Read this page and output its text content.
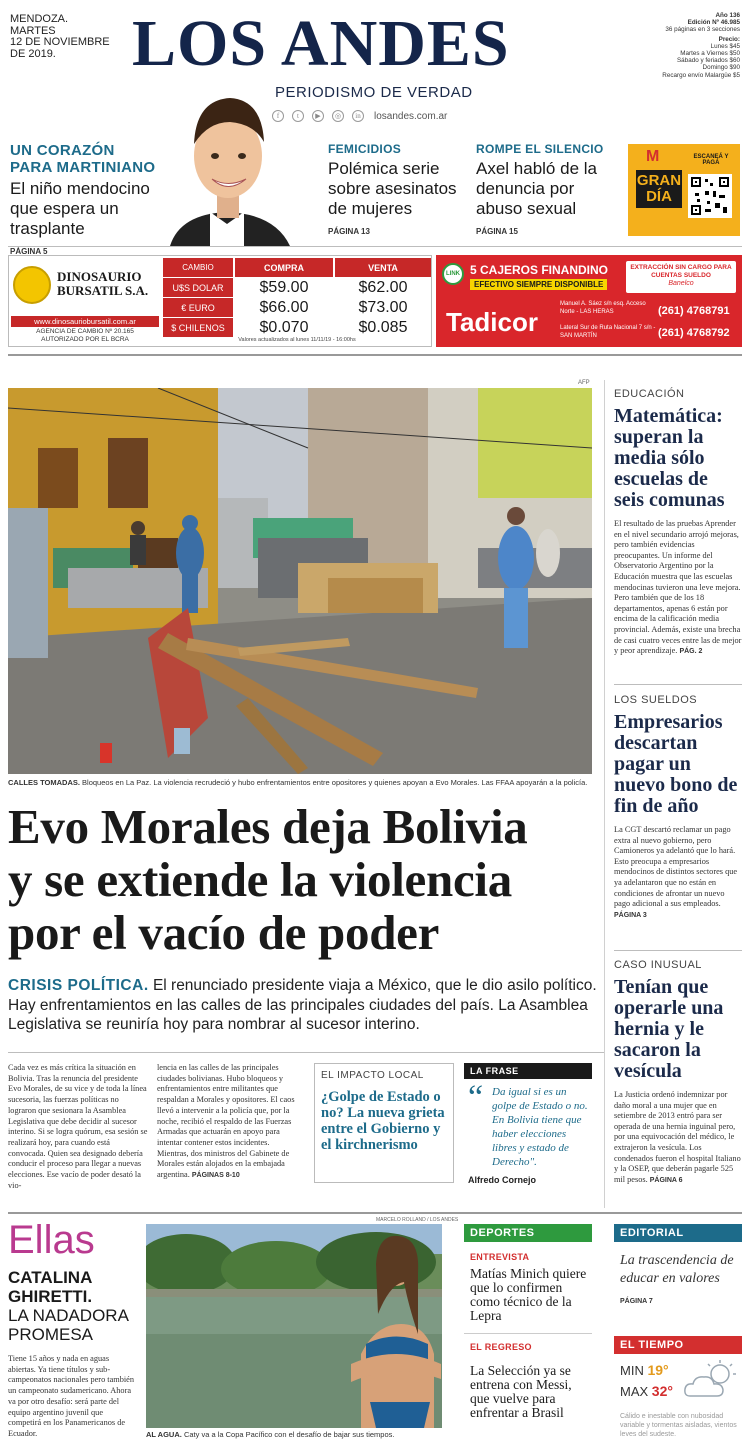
MENDOZA.
MARTES
12 DE NOVIEMBRE
DE 2019.	LOS ANDES
PERIODISMO DE VERDAD
f	t	▶	◎	in	losandes.com.ar
Año 136
Edición Nº 46.985
36 páginas en 3 secciones
Precio:
Lunes $45
Martes a Viernes $50
Sábado y feriados $60
Domingo $90
Recargo envío Malargüe $5
UN CORAZÓN
PARA MARTINIANO
El niño mendocino que espera un trasplante
PÁGINA 5
FEMICIDIOS
Polémica serie sobre asesinatos de mujeres
PÁGINA 13
ROMPE EL SILENCIO
Axel habló de la denuncia por abuso sexual
PÁGINA 15
M
GRAN
DÍA
ESCANEÁ Y PAGÁ
DINOSAURIO
BURSATIL S.A.
www.dinosauriobursatil.com.ar
AGENCIA DE CAMBIO Nº 20.165
AUTORIZADO POR EL BCRA
CAMBIO	COMPRA	VENTA
U$S DOLAR	$59.00	$62.00
€ EURO	$66.00	$73.00
$ CHILENOS	$0.070	$0.085
Valores actualizados al lunes 11/11/19 - 16:00hs
LINK 5 CAJEROS FINANDINO
EFECTIVO SIEMPRE DISPONIBLE
EXTRACCIÓN SIN CARGO PARA CUENTAS SUELDO
Banelco
Tadicor
Manuel A. Sáez s/n esq. Acceso Norte - LAS HERAS
Lateral Sur de Ruta Nacional 7 s/n - SAN MARTÍN
(261) 4768791
(261) 4768792
AFP
CALLES TOMADAS. Bloqueos en La Paz. La violencia recrudeció y hubo enfrentamientos entre opositores y quienes apoyan a Evo Morales. Las FFAA apoyarán a la policía.
Evo Morales deja Bolivia
y se extiende la violencia
por el vacío de poder
CRISIS POLÍTICA. El renunciado presidente viaja a México, que le dio asilo político. Hay enfrentamientos en las calles de las principales ciudades del país. La Asamblea Legislativa se reuniría hoy para nombrar al sucesor interino.
Cada vez es más crítica la situación en Bolivia. Tras la renuncia del presidente Evo Morales, de su vice y de toda la línea sucesoria, las fuerzas políticas no lograron que sesionara la Asamblea Legislativa que debe decidir al sucesor interino. Si se logra quórum, esa sesión se realizará hoy, para cuando está convocada. Quien sea designado debería conducir el proceso para llegar a nuevas elecciones. Ese vacío de poder desató la vio-
lencia en las calles de las principales ciudades bolivianas. Hubo bloqueos y enfrentamientos entre militantes que respaldan a Morales y opositores. El caos llevó a intervenir a la policía que, por la noche, recibió el respaldo de las Fuerzas Armadas que actuarán en apoyo para intentar contener estos incidentes. Mientras, dos ministros del Gabinete de Morales están alojados en la embajada argentina. PÁGINAS 8-10
EL IMPACTO LOCAL
¿Golpe de Estado o no? La nueva grieta entre el Gobierno y el kirchnerismo
LA FRASE
“ Da igual si es un golpe de Estado o no. En Bolivia tiene que haber elecciones libres y estado de Derecho".
Alfredo Cornejo
EDUCACIÓN
Matemática: superan la media sólo escuelas de seis comunas
El resultado de las pruebas Aprender en el nivel secundario arrojó mejoras, pero también evidencias preocupantes. Un informe del Observatorio Argentino por la Educación muestra que las escuelas mendocinas tuvieron una leve mejora. Pero también que de los 18 departamentos, apenas 6 están por encima de la calificación media provincial. Además, existe una brecha de casi cuatro veces entre las de mejor y peor aprendizaje. PÁG. 2
LOS SUELDOS
Empresarios descartan pagar un nuevo bono de fin de año
La CGT descartó reclamar un pago extra al nuevo gobierno, pero Camioneros ya adelantó que lo hará. Esto preocupa a empresarios mendocinos de distintos sectores que ya adelantaron que no están en condiciones de afrontar un nuevo pago adicional a sus empleados. PÁGINA 3
CASO INUSUAL
Tenían que operarle una hernia y le sacaron la vesícula
La Justicia ordenó indemnizar por daño moral a una mujer que en setiembre de 2013 entró para ser operada de una hernia inguinal pero, por una equivocación del médico, le extrajeron la vesícula. Los condenados fueron el hospital Italiano y la OSEP, que deberán pagarle 525 mil pesos. PÁGINA 6
Ellas
CATALINA
GHIRETTI.
LA NADADORA
PROMESA
Tiene 15 años y nada en aguas abiertas. Ya tiene títulos y sub-campeonatos nacionales pero también un campeonato sudamericano. Ahora va por otro desafío: será parte del equipo argentino juvenil que competirá en los Panamericanos de Ecuador.
MARCELO ROLLAND / LOS ANDES
AL AGUA. Caty va a la Copa Pacífico con el desafío de bajar sus tiempos.
DEPORTES
ENTREVISTA
Matías Minich quiere que lo confirmen como técnico de la Lepra
EL REGRESO
La Selección ya se entrena con Messi, que vuelve para enfrentar a Brasil
EDITORIAL
La trascendencia de educar en valores
PÁGINA 7
EL TIEMPO
MIN 19°
MAX 32°
Cálido e inestable con nubosidad variable y tormentas aisladas, vientos leves del sudeste.
